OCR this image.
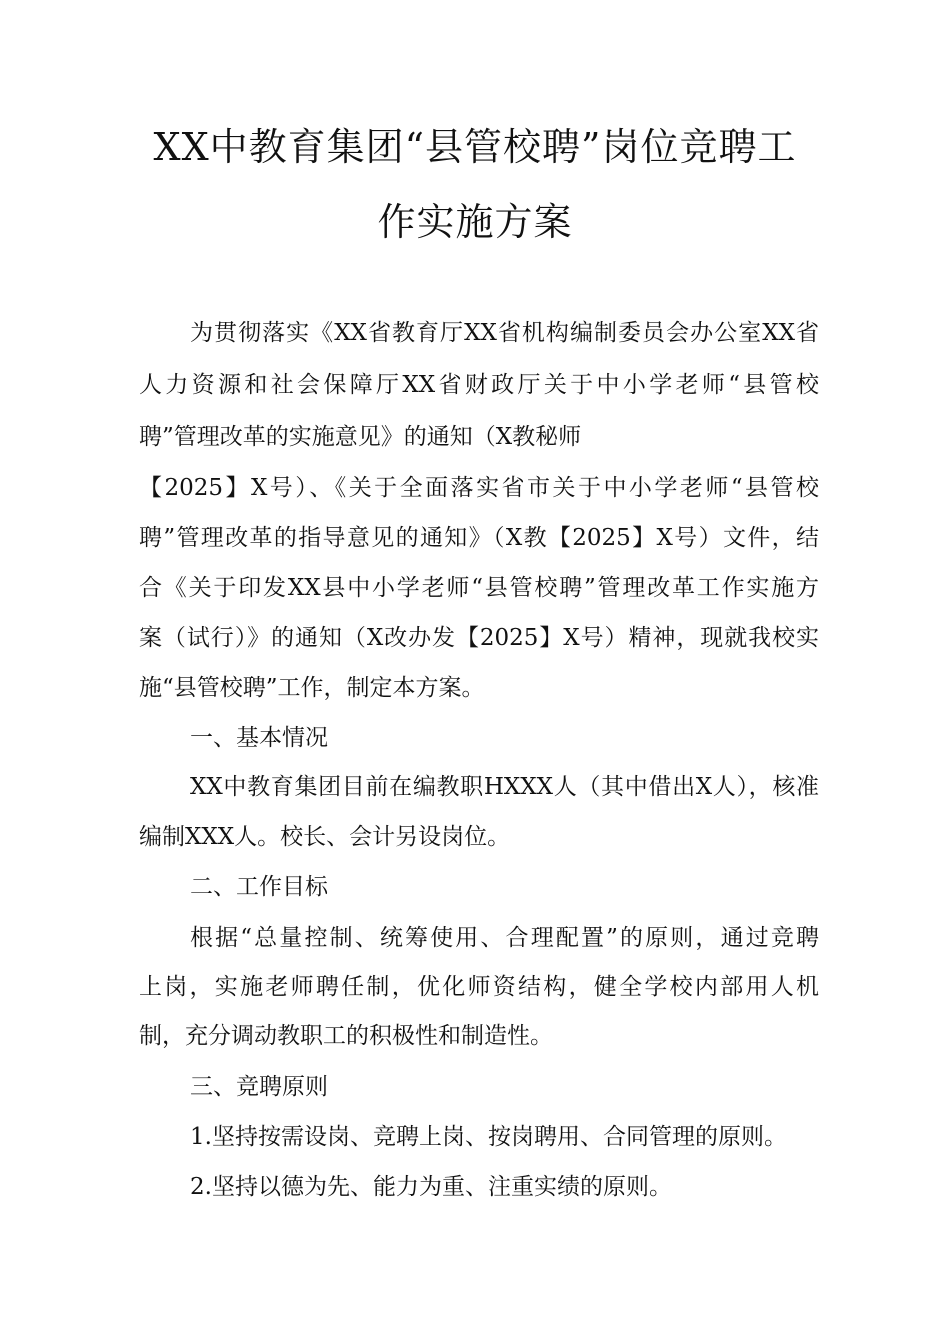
XX中教育集团“县管校聘”岗位竞聘工
作实施方案

为贯彻落实《XX省教育厅XX省机构编制委员会办公室XX省

人力资源和社会保障厅XX省财政厅关于中小学老师“县管校

聘”管理改革的实施意见》的通知（X教秘师

【2025】X号）、《关于全面落实省市关于中小学老师“县管校

聘”管理改革的指导意见的通知》（X教【2025】X号）文件，结

合《关于印发XX县中小学老师“县管校聘”管理改革工作实施方

案（试行）》的通知（X改办发【2025】X号）精神，现就我校实

施“县管校聘”工作，制定本方案。

一、基本情况

XX中教育集团目前在编教职HXXX人（其中借出X人），核准

编制XXX人。校长、会计另设岗位。

二、工作目标

根据“总量控制、统筹使用、合理配置”的原则，通过竞聘

上岗，实施老师聘任制，优化师资结构，健全学校内部用人机

制，充分调动教职工的积极性和制造性。

三、竞聘原则

1.坚持按需设岗、竞聘上岗、按岗聘用、合同管理的原则。

2.坚持以德为先、能力为重、注重实绩的原则。
